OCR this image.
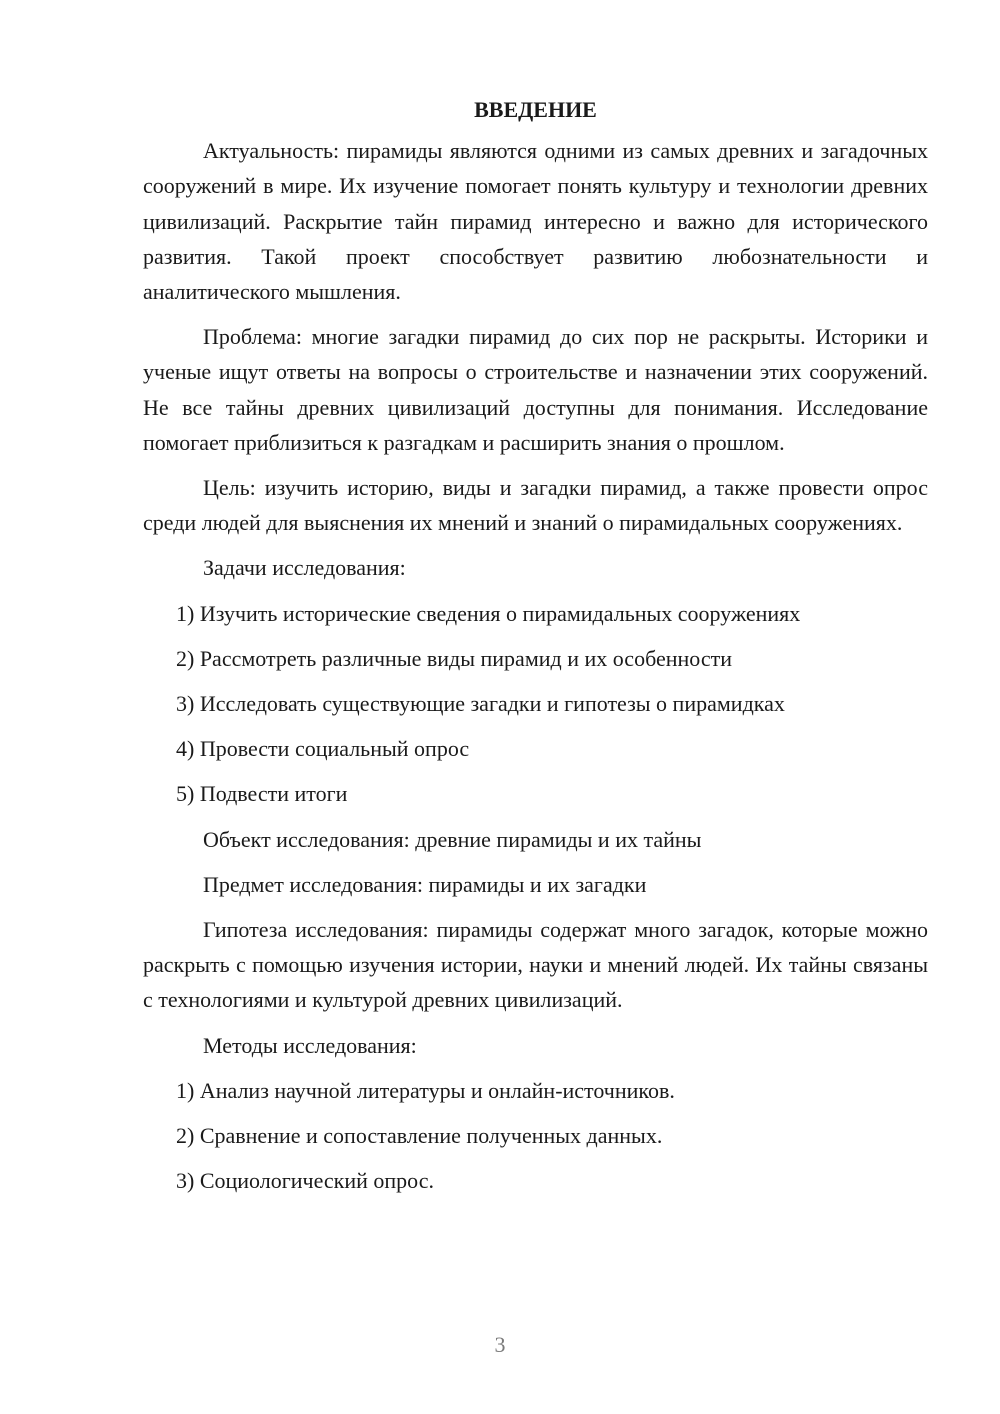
ВВЕДЕНИЕ

Актуальность: пирамиды являются одними из самых древних и загадочных сооружений в мире. Их изучение помогает понять культуру и технологии древних цивилизаций. Раскрытие тайн пирамид интересно и важно для исторического развития. Такой проект способствует развитию любознательности и аналитического мышления.

Проблема: многие загадки пирамид до сих пор не раскрыты. Историки и ученые ищут ответы на вопросы о строительстве и назначении этих сооружений. Не все тайны древних цивилизаций доступны для понимания. Исследование помогает приблизиться к разгадкам и расширить знания о прошлом.

Цель: изучить историю, виды и загадки пирамид, а также провести опрос среди людей для выяснения их мнений и знаний о пирамидальных сооружениях.

Задачи исследования:

1) Изучить исторические сведения о пирамидальных сооружениях

2) Рассмотреть различные виды пирамид и их особенности

3) Исследовать существующие загадки и гипотезы о пирамидках

4) Провести социальный опрос

5) Подвести итоги

Объект исследования: древние пирамиды и их тайны

Предмет исследования: пирамиды и их загадки

Гипотеза исследования: пирамиды содержат много загадок, которые можно раскрыть с помощью изучения истории, науки и мнений людей. Их тайны связаны с технологиями и культурой древних цивилизаций.

Методы исследования:

1) Анализ научной литературы и онлайн-источников.

2) Сравнение и сопоставление полученных данных.

3) Социологический опрос.

3
